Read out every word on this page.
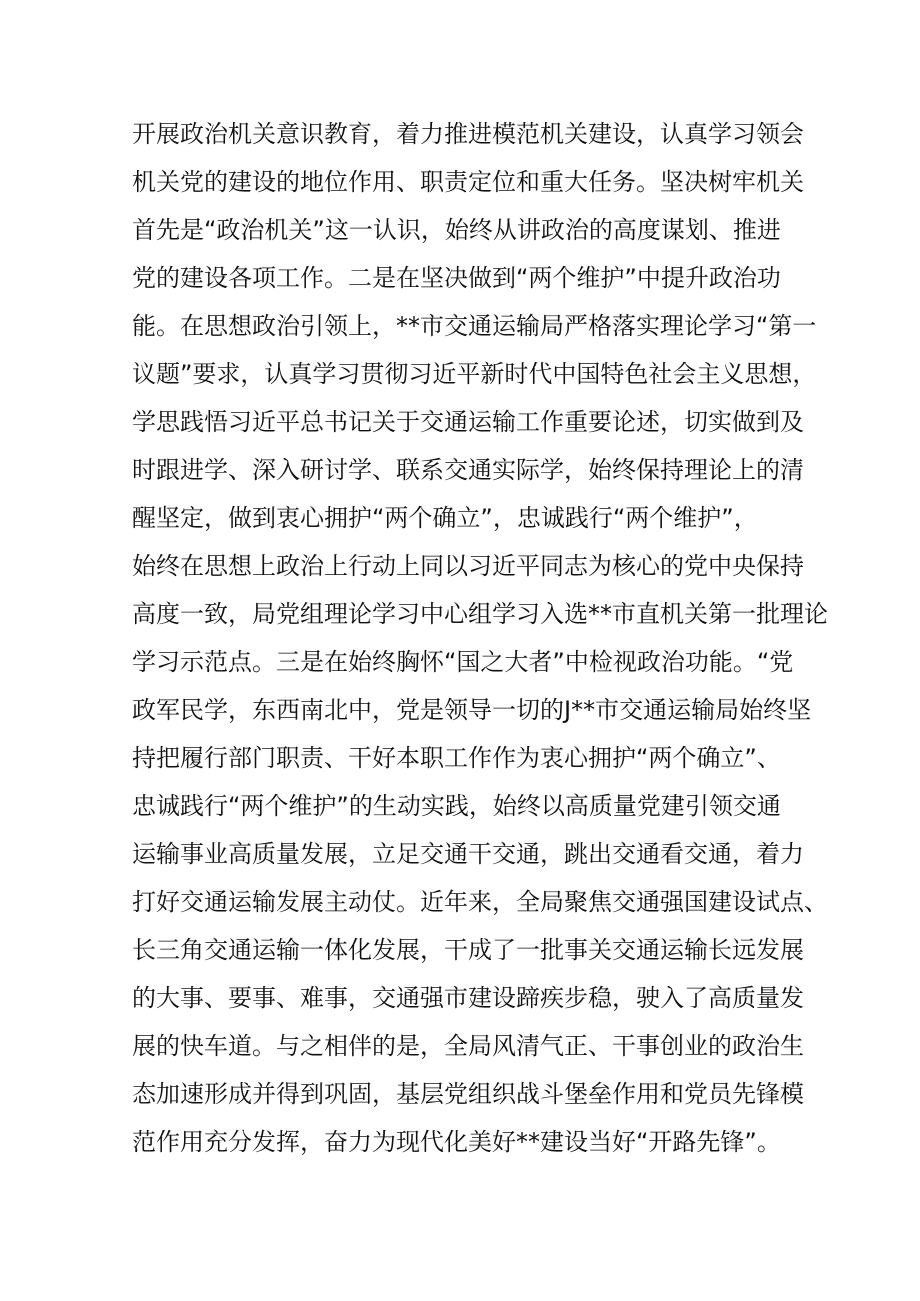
开展政治机关意识教育，着力推进模范机关建设，认真学习领会
机关党的建设的地位作用、职责定位和重大任务。坚决树牢机关
首先是“政治机关”这一认识，始终从讲政治的高度谋划、推进
党的建设各项工作。二是在坚决做到“两个维护”中提升政治功
能。在思想政治引领上，**市交通运输局严格落实理论学习“第一
议题”要求，认真学习贯彻习近平新时代中国特色社会主义思想，
学思践悟习近平总书记关于交通运输工作重要论述，切实做到及
时跟进学、深入研讨学、联系交通实际学，始终保持理论上的清
醒坚定，做到衷心拥护“两个确立”，忠诚践行“两个维护”，
始终在思想上政治上行动上同以习近平同志为核心的党中央保持
高度一致，局党组理论学习中心组学习入选**市直机关第一批理论
学习示范点。三是在始终胸怀“国之大者”中检视政治功能。“党
政军民学，东西南北中，党是领导一切的J**市交通运输局始终坚
持把履行部门职责、干好本职工作作为衷心拥护“两个确立”、
忠诚践行“两个维护”的生动实践，始终以高质量党建引领交通
运输事业高质量发展，立足交通干交通，跳出交通看交通，着力
打好交通运输发展主动仗。近年来，全局聚焦交通强国建设试点、
长三角交通运输一体化发展，干成了一批事关交通运输长远发展
的大事、要事、难事，交通强市建设蹄疾步稳，驶入了高质量发
展的快车道。与之相伴的是，全局风清气正、干事创业的政治生
态加速形成并得到巩固，基层党组织战斗堡垒作用和党员先锋模
范作用充分发挥，奋力为现代化美好**建设当好“开路先锋”。
